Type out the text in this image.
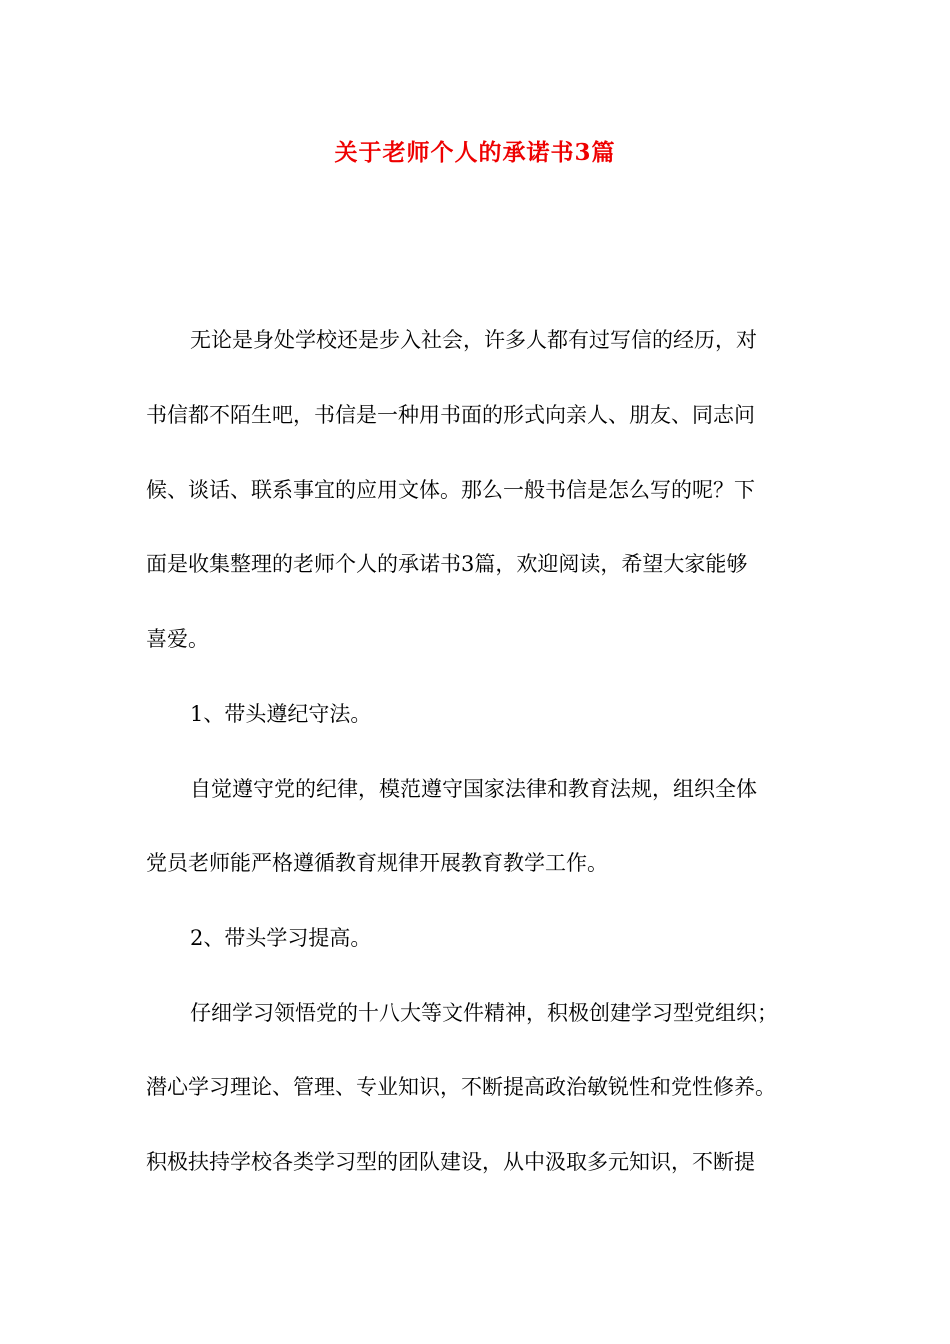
关于老师个人的承诺书3篇
无论是身处学校还是步入社会，许多人都有过写信的经历，对
书信都不陌生吧，书信是一种用书面的形式向亲人、朋友、同志问
候、谈话、联系事宜的应用文体。那么一般书信是怎么写的呢？下
面是收集整理的老师个人的承诺书3篇，欢迎阅读，希望大家能够
喜爱。
1、带头遵纪守法。
自觉遵守党的纪律，模范遵守国家法律和教育法规，组织全体
党员老师能严格遵循教育规律开展教育教学工作。
2、带头学习提高。
仔细学习领悟党的十八大等文件精神，积极创建学习型党组织；
潜心学习理论、管理、专业知识，不断提高政治敏锐性和党性修养。
积极扶持学校各类学习型的团队建设，从中汲取多元知识，不断提
